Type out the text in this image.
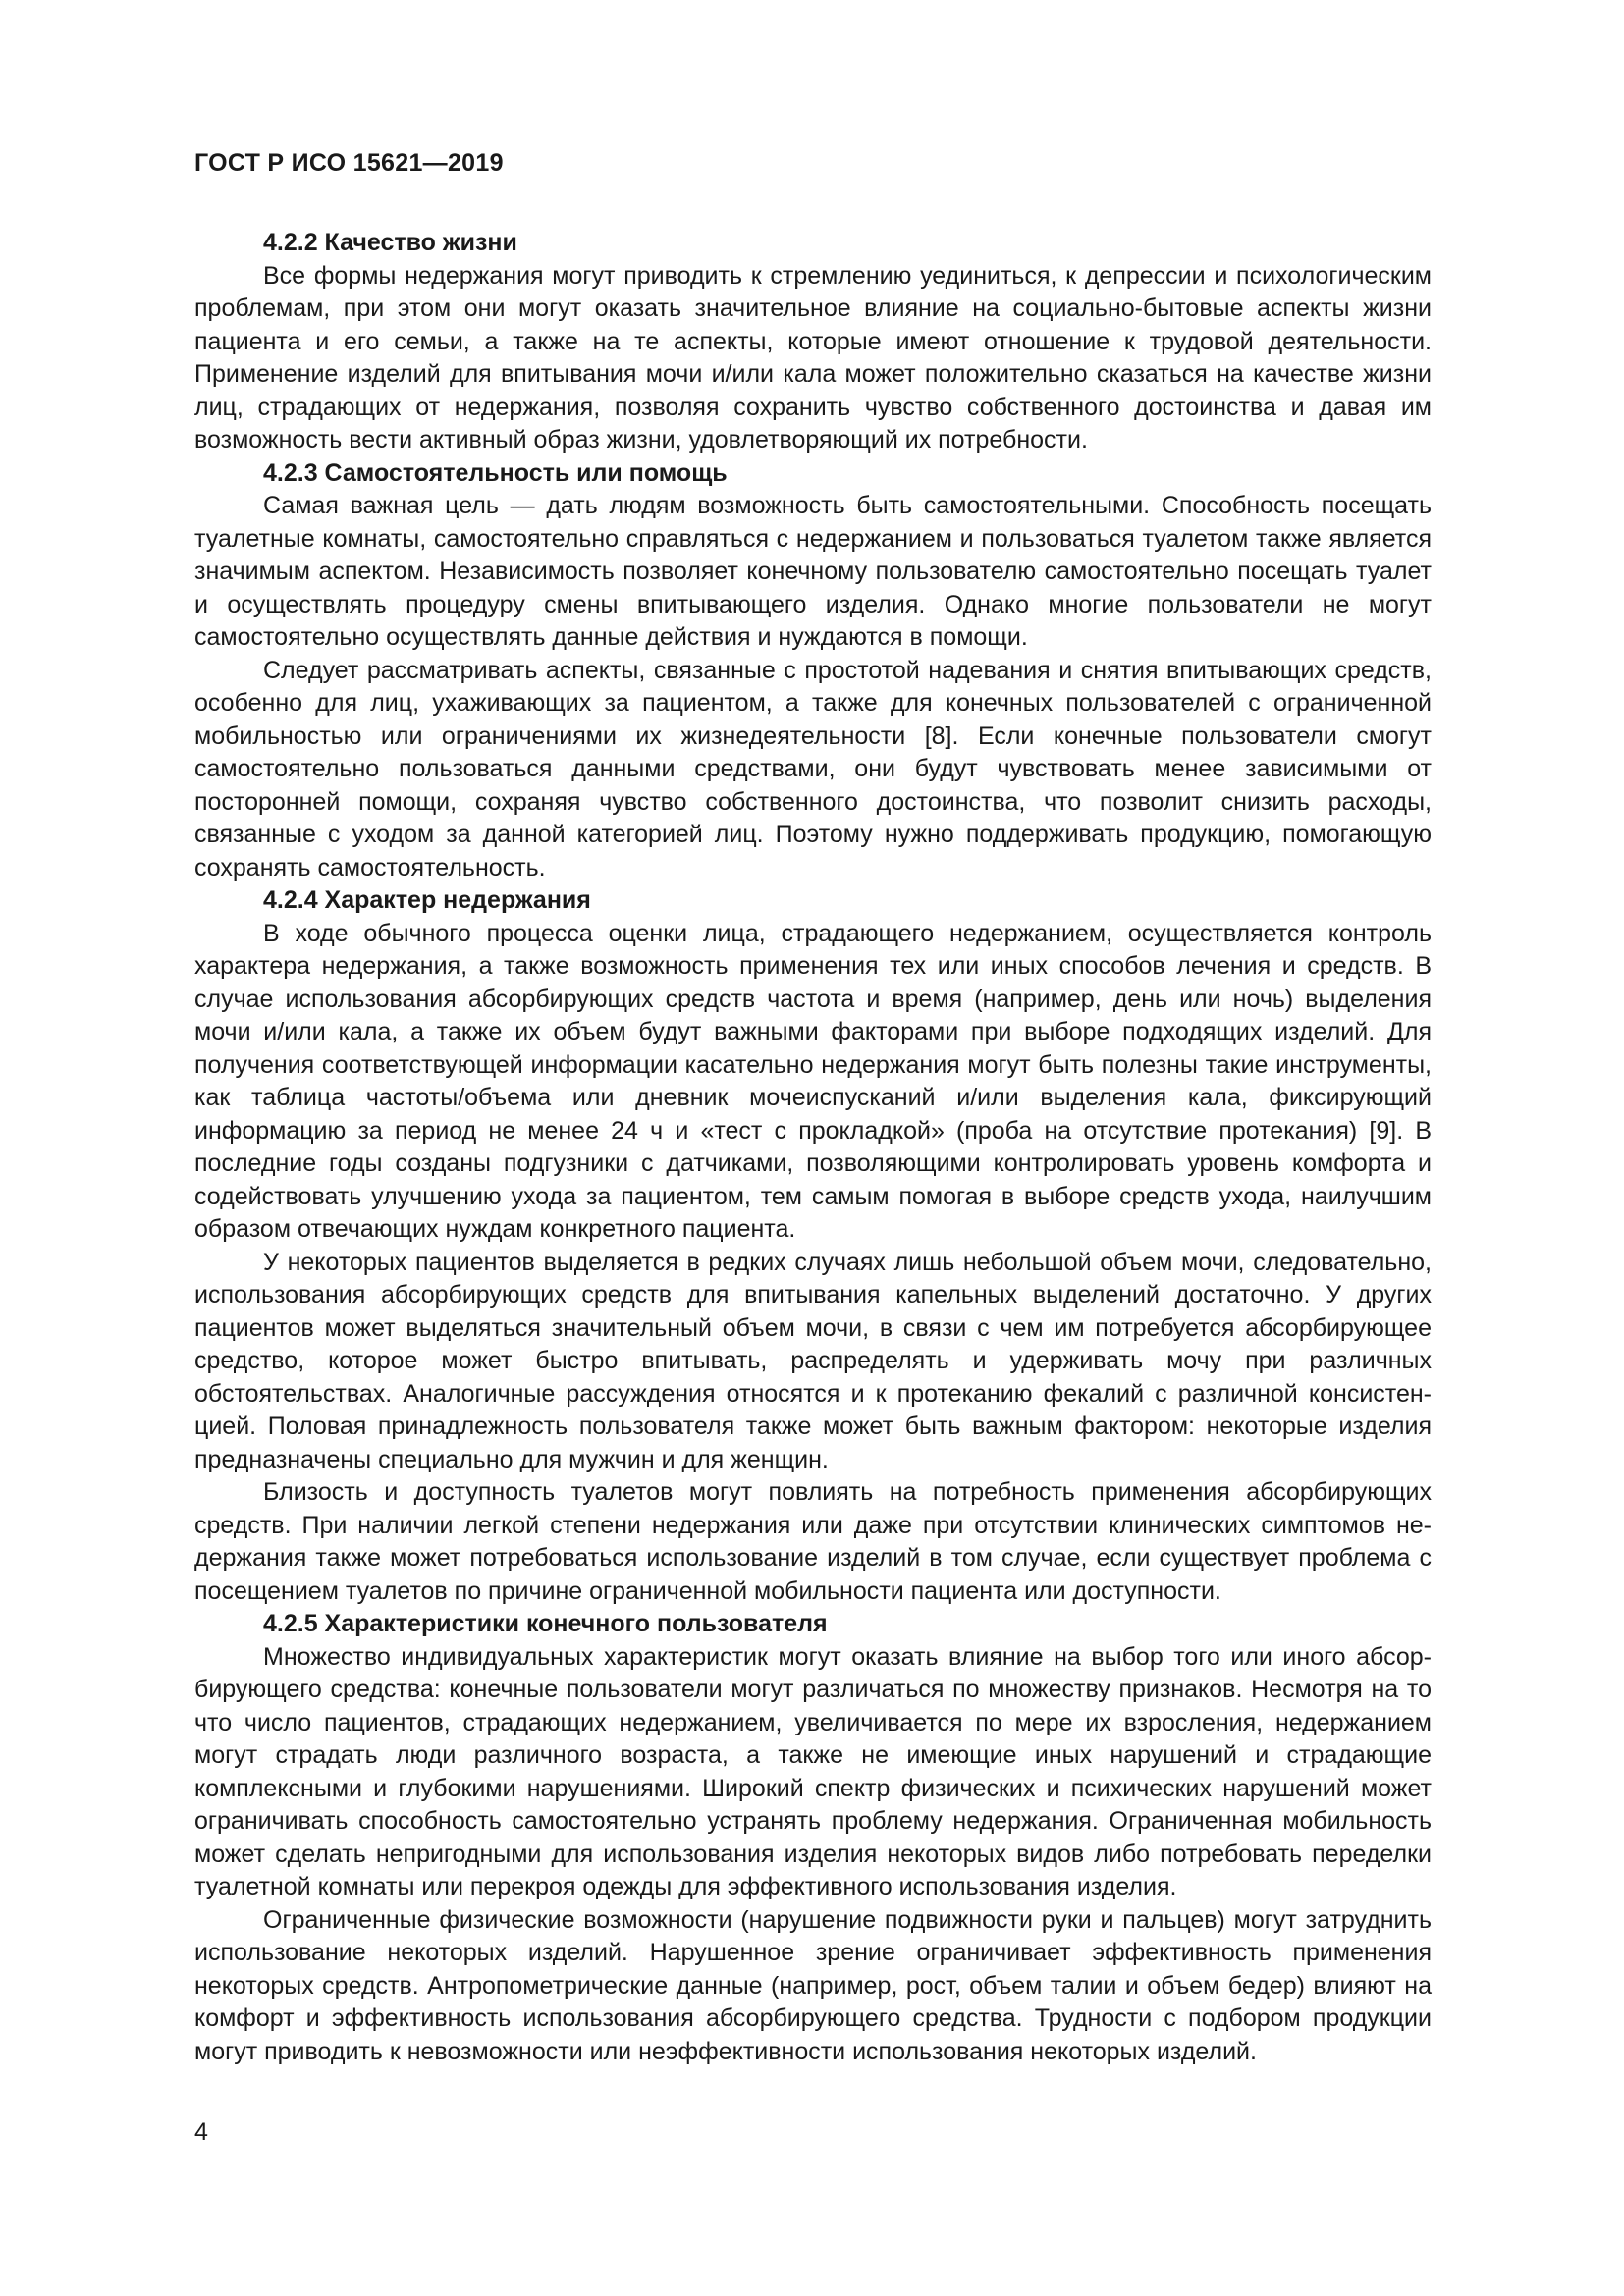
ГОСТ Р ИСО 15621—2019
4.2.2 Качество жизни

Все формы недержания могут приводить к стремлению уединиться, к депрессии и психологическим проблемам, при этом они могут оказать значительное влияние на социально-бытовые аспекты жизни пациента и его семьи, а также на те аспекты, которые имеют отношение к трудовой деятельности. Применение изделий для впитывания мочи и/или кала может положительно сказаться на качестве жизни лиц, страдающих от недержания, позволяя сохранить чувство собственного достоинства и давая им возможность вести активный образ жизни, удовлетворяющий их потребности.

4.2.3 Самостоятельность или помощь

Самая важная цель — дать людям возможность быть самостоятельными. Способность посещать туалетные комнаты, самостоятельно справляться с недержанием и пользоваться туалетом также является значимым аспектом. Независимость позволяет конечному пользователю самостоятельно посещать туалет и осуществлять процедуру смены впитывающего изделия. Однако многие пользователи не могут самостоятельно осуществлять данные действия и нуждаются в помощи.

Следует рассматривать аспекты, связанные с простотой надевания и снятия впитывающих средств, особенно для лиц, ухаживающих за пациентом, а также для конечных пользователей с ограниченной мобильностью или ограничениями их жизнедеятельности [8]. Если конечные пользователи смогут самостоятельно пользоваться данными средствами, они будут чувствовать менее зависимыми от посторонней помощи, сохраняя чувство собственного достоинства, что позволит снизить расходы, связанные с уходом за данной категорией лиц. Поэтому нужно поддерживать продукцию, помогающую сохранять самостоятельность.

4.2.4 Характер недержания

В ходе обычного процесса оценки лица, страдающего недержанием, осуществляется контроль характера недержания, а также возможность применения тех или иных способов лечения и средств. В случае использования абсорбирующих средств частота и время (например, день или ночь) выделения мочи и/или кала, а также их объем будут важными факторами при выборе подходящих изделий. Для получения соответствующей информации касательно недержания могут быть полезны такие инструменты, как таблица частоты/объема или дневник мочеиспусканий и/или выделения кала, фиксирующий информацию за период не менее 24 ч и «тест с прокладкой» (проба на отсутствие протекания) [9]. В последние годы созданы подгузники с датчиками, позволяющими контролировать уровень комфорта и содействовать улучшению ухода за пациентом, тем самым помогая в выборе средств ухода, наилучшим образом отвечающих нуждам конкретного пациента.

У некоторых пациентов выделяется в редких случаях лишь небольшой объем мочи, следовательно, использования абсорбирующих средств для впитывания капельных выделений достаточно. У других пациентов может выделяться значительный объем мочи, в связи с чем им потребуется абсорбирующее средство, которое может быстро впитывать, распределять и удерживать мочу при различных обстоятельствах. Аналогичные рассуждения относятся и к протеканию фекалий с различной консистенцией. Половая принадлежность пользователя также может быть важным фактором: некоторые изделия предназначены специально для мужчин и для женщин.

Близость и доступность туалетов могут повлиять на потребность применения абсорбирующих средств. При наличии легкой степени недержания или даже при отсутствии клинических симптомов недержания также может потребоваться использование изделий в том случае, если существует проблема с посещением туалетов по причине ограниченной мобильности пациента или доступности.

4.2.5 Характеристики конечного пользователя

Множество индивидуальных характеристик могут оказать влияние на выбор того или иного абсорбирующего средства: конечные пользователи могут различаться по множеству признаков. Несмотря на то что число пациентов, страдающих недержанием, увеличивается по мере их взросления, недержанием могут страдать люди различного возраста, а также не имеющие иных нарушений и страдающие комплексными и глубокими нарушениями. Широкий спектр физических и психических нарушений может ограничивать способность самостоятельно устранять проблему недержания. Ограниченная мобильность может сделать непригодными для использования изделия некоторых видов либо потребовать переделки туалетной комнаты или перекроя одежды для эффективного использования изделия.

Ограниченные физические возможности (нарушение подвижности руки и пальцев) могут затруднить использование некоторых изделий. Нарушенное зрение ограничивает эффективность применения некоторых средств. Антропометрические данные (например, рост, объем талии и объем бедер) влияют на комфорт и эффективность использования абсорбирующего средства. Трудности с подбором продукции могут приводить к невозможности или неэффективности использования некоторых изделий.

4
